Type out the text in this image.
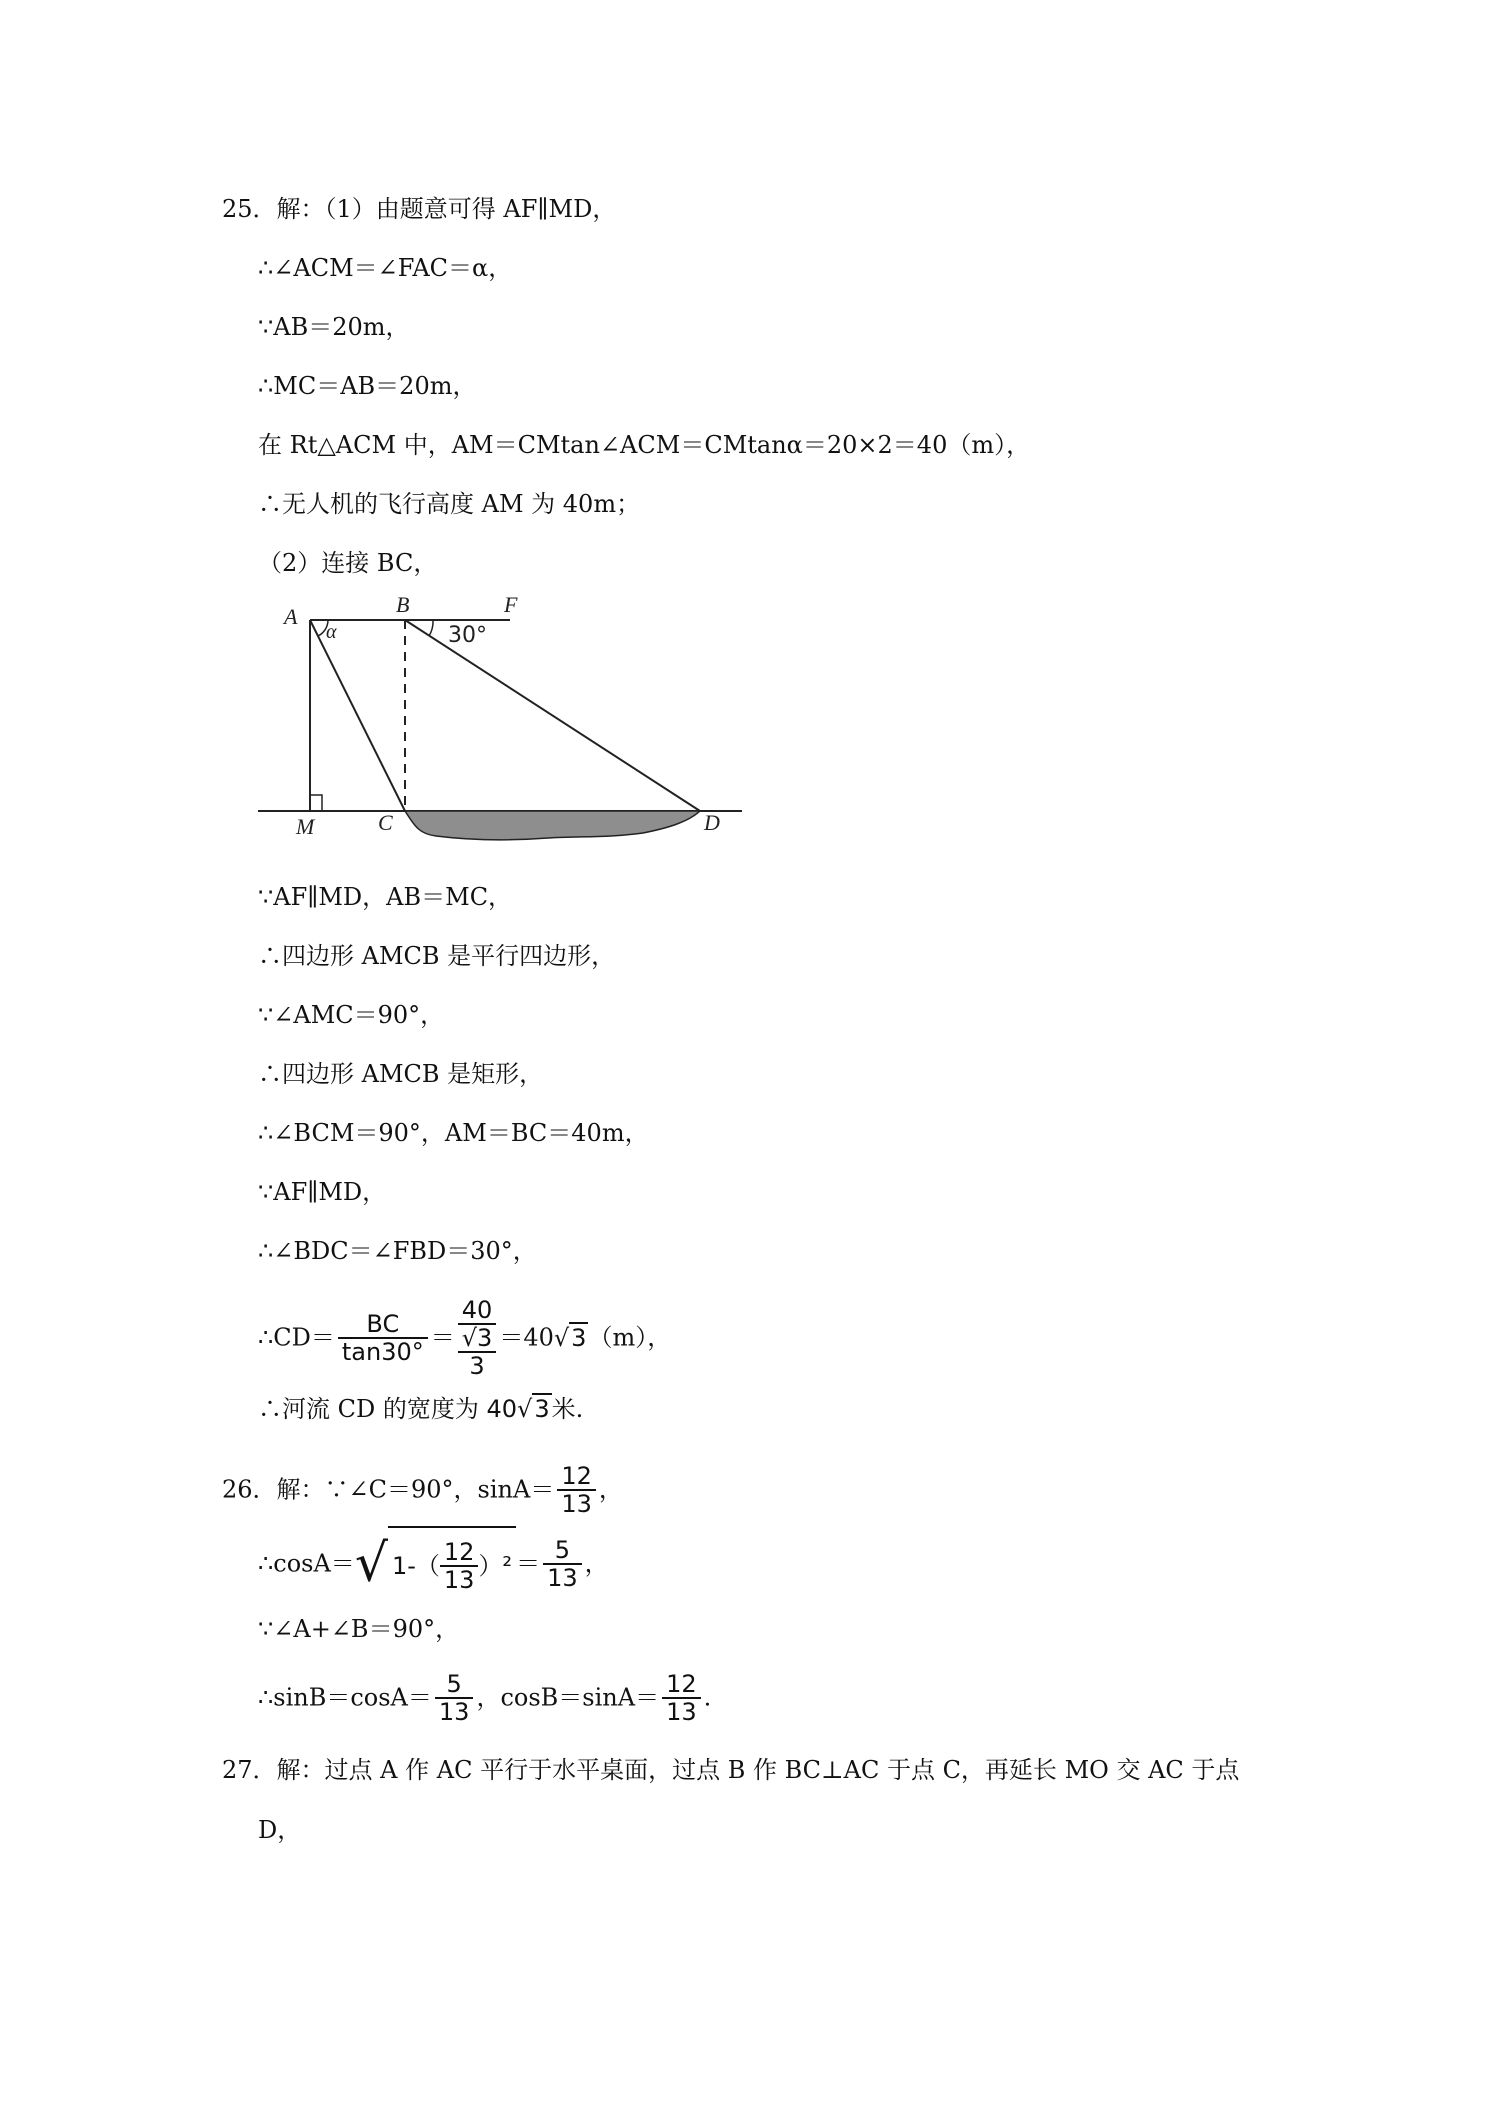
25．解：（1）由题意可得 AF∥MD，
∴∠ACM＝∠FAC＝α，
∵AB＝20m，
∴MC＝AB＝20m，
在 Rt△ACM 中，AM＝CMtan∠ACM＝CMtanα＝20×2＝40（m），
∴无人机的飞行高度 AM 为 40m；
（2）连接 BC，
A
α
B	F
30°
M	C	D
∵AF∥MD，AB＝MC，
∴四边形 AMCB 是平行四边形，
∵∠AMC＝90°，
∴四边形 AMCB 是矩形，
∴∠BCM＝90°，AM＝BC＝40m，
∵AF∥MD，
∴∠BDC＝∠FBD＝30°，
∴CD＝ $\frac{BC}{\tan 30^\circ}$ ＝
40
√3
3
＝40√3（m），
∴河流 CD 的宽度为 40√3米.
26．解：∵∠C＝90°，$\sin A= \frac{12}{13}$ ，
∴cosA＝√ $1-( \frac{12}{13} )^2 = \frac{5}{13}$ ，
∵∠A+∠B＝90°，
∴sinB＝cosA＝ $\frac{5}{13}$ ，$\cos B=\sin A= \frac{12}{13}$ .
27．解：过点 A 作 AC 平行于水平桌面，过点 B 作 BC⊥AC 于点 C，再延长 MO 交 AC 于点
D，
